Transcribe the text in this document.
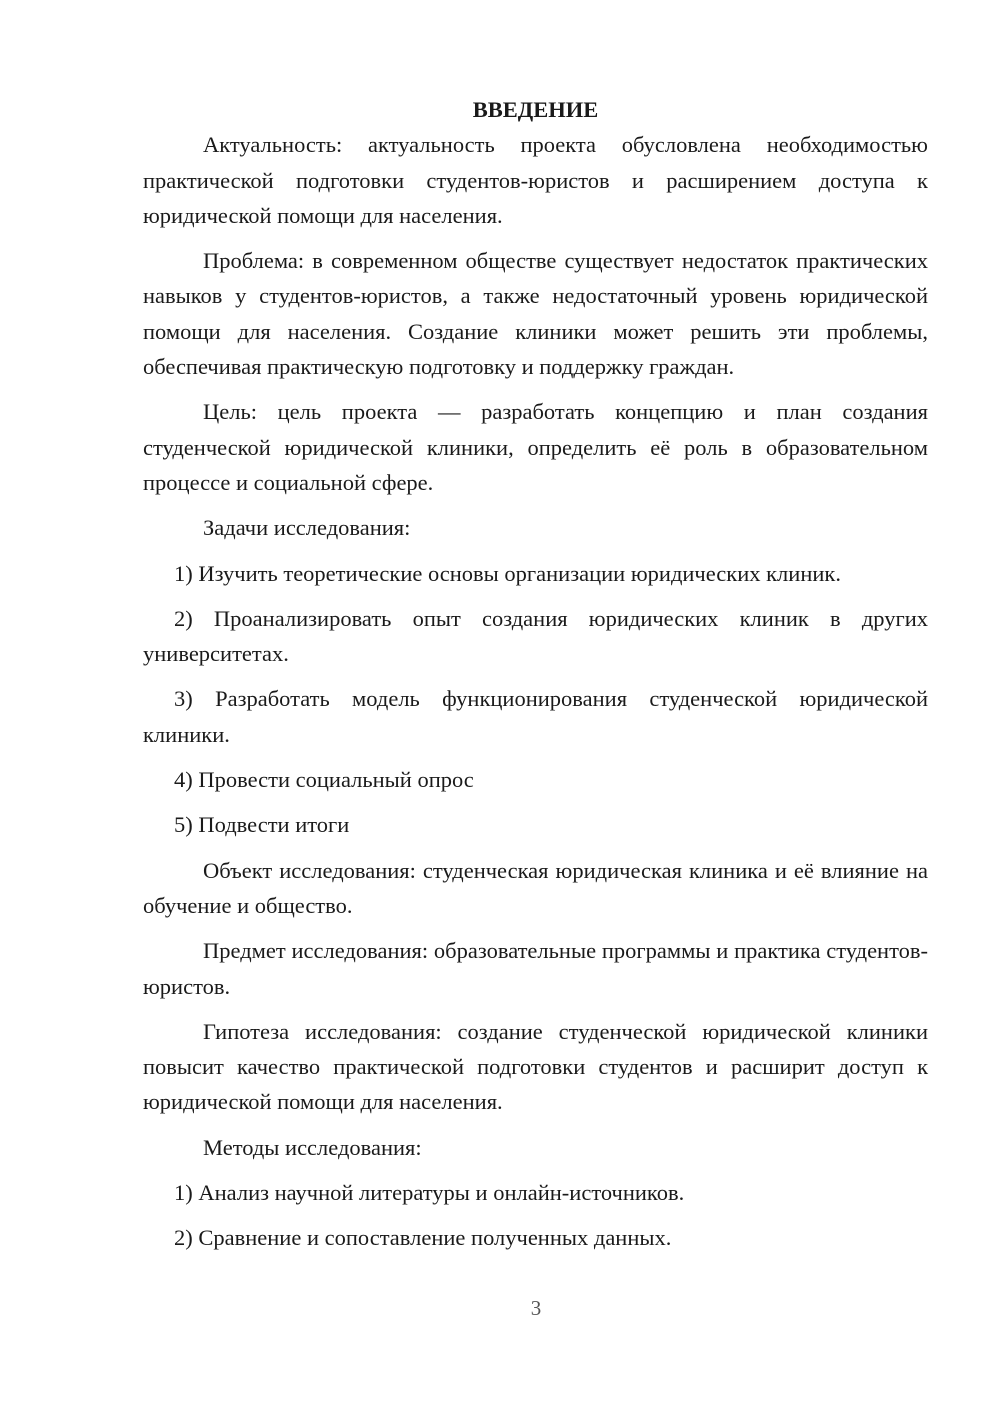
ВВЕДЕНИЕ

Актуальность: актуальность проекта обусловлена необходимостью практической подготовки студентов-юристов и расширением доступа к юридической помощи для населения.

Проблема: в современном обществе существует недостаток практических навыков у студентов-юристов, а также недостаточный уровень юридической помощи для населения. Создание клиники может решить эти проблемы, обеспечивая практическую подготовку и поддержку граждан.

Цель: цель проекта — разработать концепцию и план создания студенческой юридической клиники, определить её роль в образовательном процессе и социальной сфере.

Задачи исследования:

1) Изучить теоретические основы организации юридических клиник.

2) Проанализировать опыт создания юридических клиник в других университетах.

3) Разработать модель функционирования студенческой юридической клиники.

4) Провести социальный опрос

5) Подвести итоги

Объект исследования: студенческая юридическая клиника и её влияние на обучение и общество.

Предмет исследования: образовательные программы и практика студентов-юристов.

Гипотеза исследования: создание студенческой юридической клиники повысит качество практической подготовки студентов и расширит доступ к юридической помощи для населения.

Методы исследования:

1) Анализ научной литературы и онлайн-источников.

2) Сравнение и сопоставление полученных данных.

3
